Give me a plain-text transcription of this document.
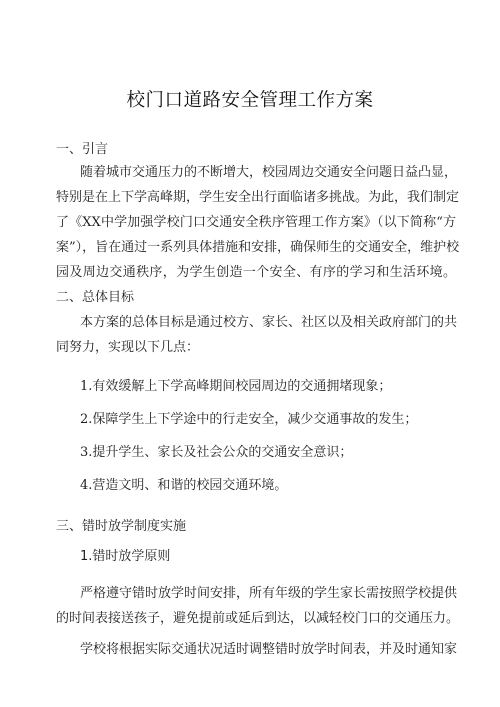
校门口道路安全管理工作方案
一、引言
随着城市交通压力的不断增大，校园周边交通安全问题日益凸显，
特别是在上下学高峰期，学生安全出行面临诸多挑战。为此，我们制定
了《XX中学加强学校门口交通安全秩序管理工作方案》（以下简称“方
案”），旨在通过一系列具体措施和安排，确保师生的交通安全，维护校
园及周边交通秩序，为学生创造一个安全、有序的学习和生活环境。
二、总体目标
本方案的总体目标是通过校方、家长、社区以及相关政府部门的共
同努力，实现以下几点：
1.有效缓解上下学高峰期间校园周边的交通拥堵现象；
2.保障学生上下学途中的行走安全，减少交通事故的发生；
3.提升学生、家长及社会公众的交通安全意识；
4.营造文明、和谐的校园交通环境。
三、错时放学制度实施
1.错时放学原则
严格遵守错时放学时间安排，所有年级的学生家长需按照学校提供
的时间表接送孩子，避免提前或延后到达，以减轻校门口的交通压力。
学校将根据实际交通状况适时调整错时放学时间表，并及时通知家
